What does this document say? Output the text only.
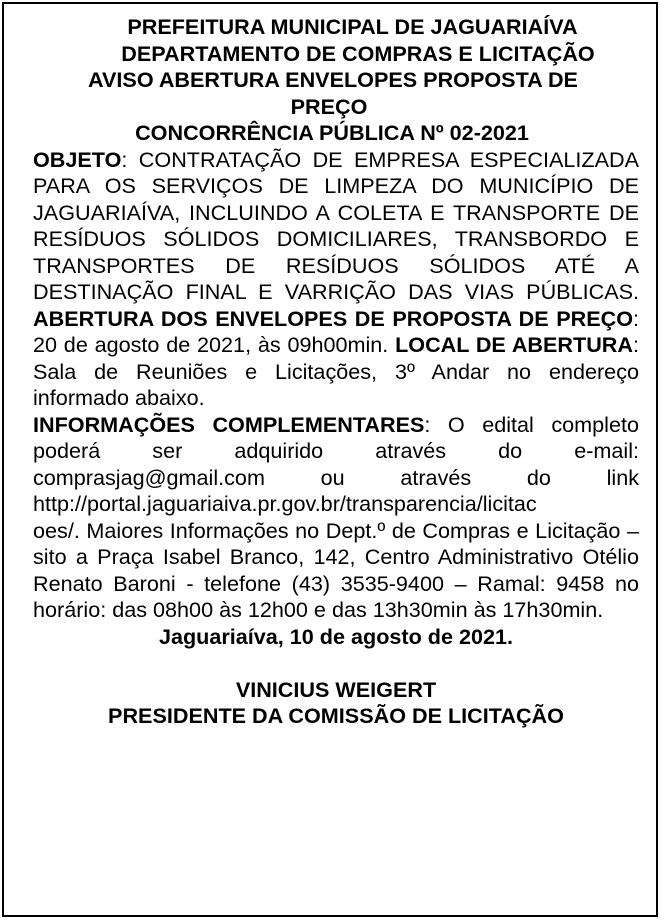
PREFEITURA MUNICIPAL DE JAGUARIAÍVA
DEPARTAMENTO DE COMPRAS E LICITAÇÃO
AVISO ABERTURA ENVELOPES PROPOSTA DE
PREÇO
CONCORRÊNCIA PÚBLICA Nº 02-2021
OBJETO: CONTRATAÇÃO DE EMPRESA ESPECIALIZADA PARA OS SERVIÇOS DE LIMPEZA DO MUNICÍPIO DE JAGUARIAÍVA, INCLUINDO A COLETA E TRANSPORTE DE RESÍDUOS SÓLIDOS DOMICILIARES, TRANSBORDO E TRANSPORTES DE RESÍDUOS SÓLIDOS ATÉ A DESTINAÇÃO FINAL E VARRIÇÃO DAS VIAS PÚBLICAS. ABERTURA DOS ENVELOPES DE PROPOSTA DE PREÇO: 20 de agosto de 2021, às 09h00min. LOCAL DE ABERTURA: Sala de Reuniões e Licitações, 3º Andar no endereço informado abaixo.
INFORMAÇÕES COMPLEMENTARES: O edital completo poderá ser adquirido através do e-mail: comprasjag@gmail.com ou através do link http://portal.jaguariaiva.pr.gov.br/transparencia/licitac
oes/. Maiores Informações no Dept.º de Compras e Licitação – sito a Praça Isabel Branco, 142, Centro Administrativo Otélio Renato Baroni - telefone (43) 3535-9400 – Ramal: 9458 no horário: das 08h00 às 12h00 e das 13h30min às 17h30min.
Jaguariaíva, 10 de agosto de 2021.
VINICIUS WEIGERT
PRESIDENTE DA COMISSÃO DE LICITAÇÃO
